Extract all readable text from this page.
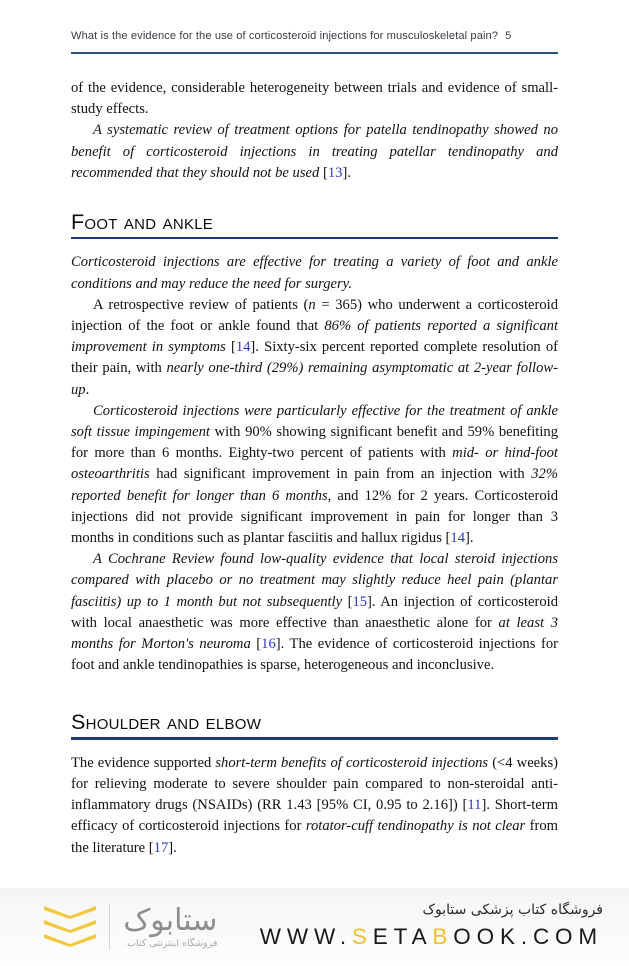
What is the evidence for the use of corticosteroid injections for musculoskeletal pain? 5

of the evidence, considerable heterogeneity between trials and evidence of small-study effects.

A systematic review of treatment options for patella tendinopathy showed no benefit of corticosteroid injections in treating patellar tendinopathy and recommended that they should not be used [13].

Foot and ankle

Corticosteroid injections are effective for treating a variety of foot and ankle conditions and may reduce the need for surgery.

A retrospective review of patients (n = 365) who underwent a corticosteroid injection of the foot or ankle found that 86% of patients reported a significant improvement in symptoms [14]. Sixty-six percent reported complete resolution of their pain, with nearly one-third (29%) remaining asymptomatic at 2-year follow-up.

Corticosteroid injections were particularly effective for the treatment of ankle soft tissue impingement with 90% showing significant benefit and 59% benefiting for more than 6 months. Eighty-two percent of patients with mid- or hind-foot osteoarthritis had significant improvement in pain from an injection with 32% reported benefit for longer than 6 months, and 12% for 2 years. Corticosteroid injections did not provide significant improvement in pain for longer than 3 months in conditions such as plantar fasciitis and hallux rigidus [14].

A Cochrane Review found low-quality evidence that local steroid injections compared with placebo or no treatment may slightly reduce heel pain (plantar fasciitis) up to 1 month but not subsequently [15]. An injection of corticosteroid with local anaesthetic was more effective than anaesthetic alone for at least 3 months for Morton's neuroma [16]. The evidence of corticosteroid injections for foot and ankle tendinopathies is sparse, heterogeneous and inconclusive.

Shoulder and elbow

The evidence supported short-term benefits of corticosteroid injections (<4 weeks) for relieving moderate to severe shoulder pain compared to non-steroidal anti-inflammatory drugs (NSAIDs) (RR 1.43 [95% CI, 0.95 to 2.16]) [11]. Short-term efficacy of corticosteroid injections for rotator-cuff tendinopathy is not clear from the literature [17].

ستابوک
فروشگاه اینترنتی کتاب
فروشگاه کتاب پزشکی ستابوک
WWW.SETABOOK.COM
